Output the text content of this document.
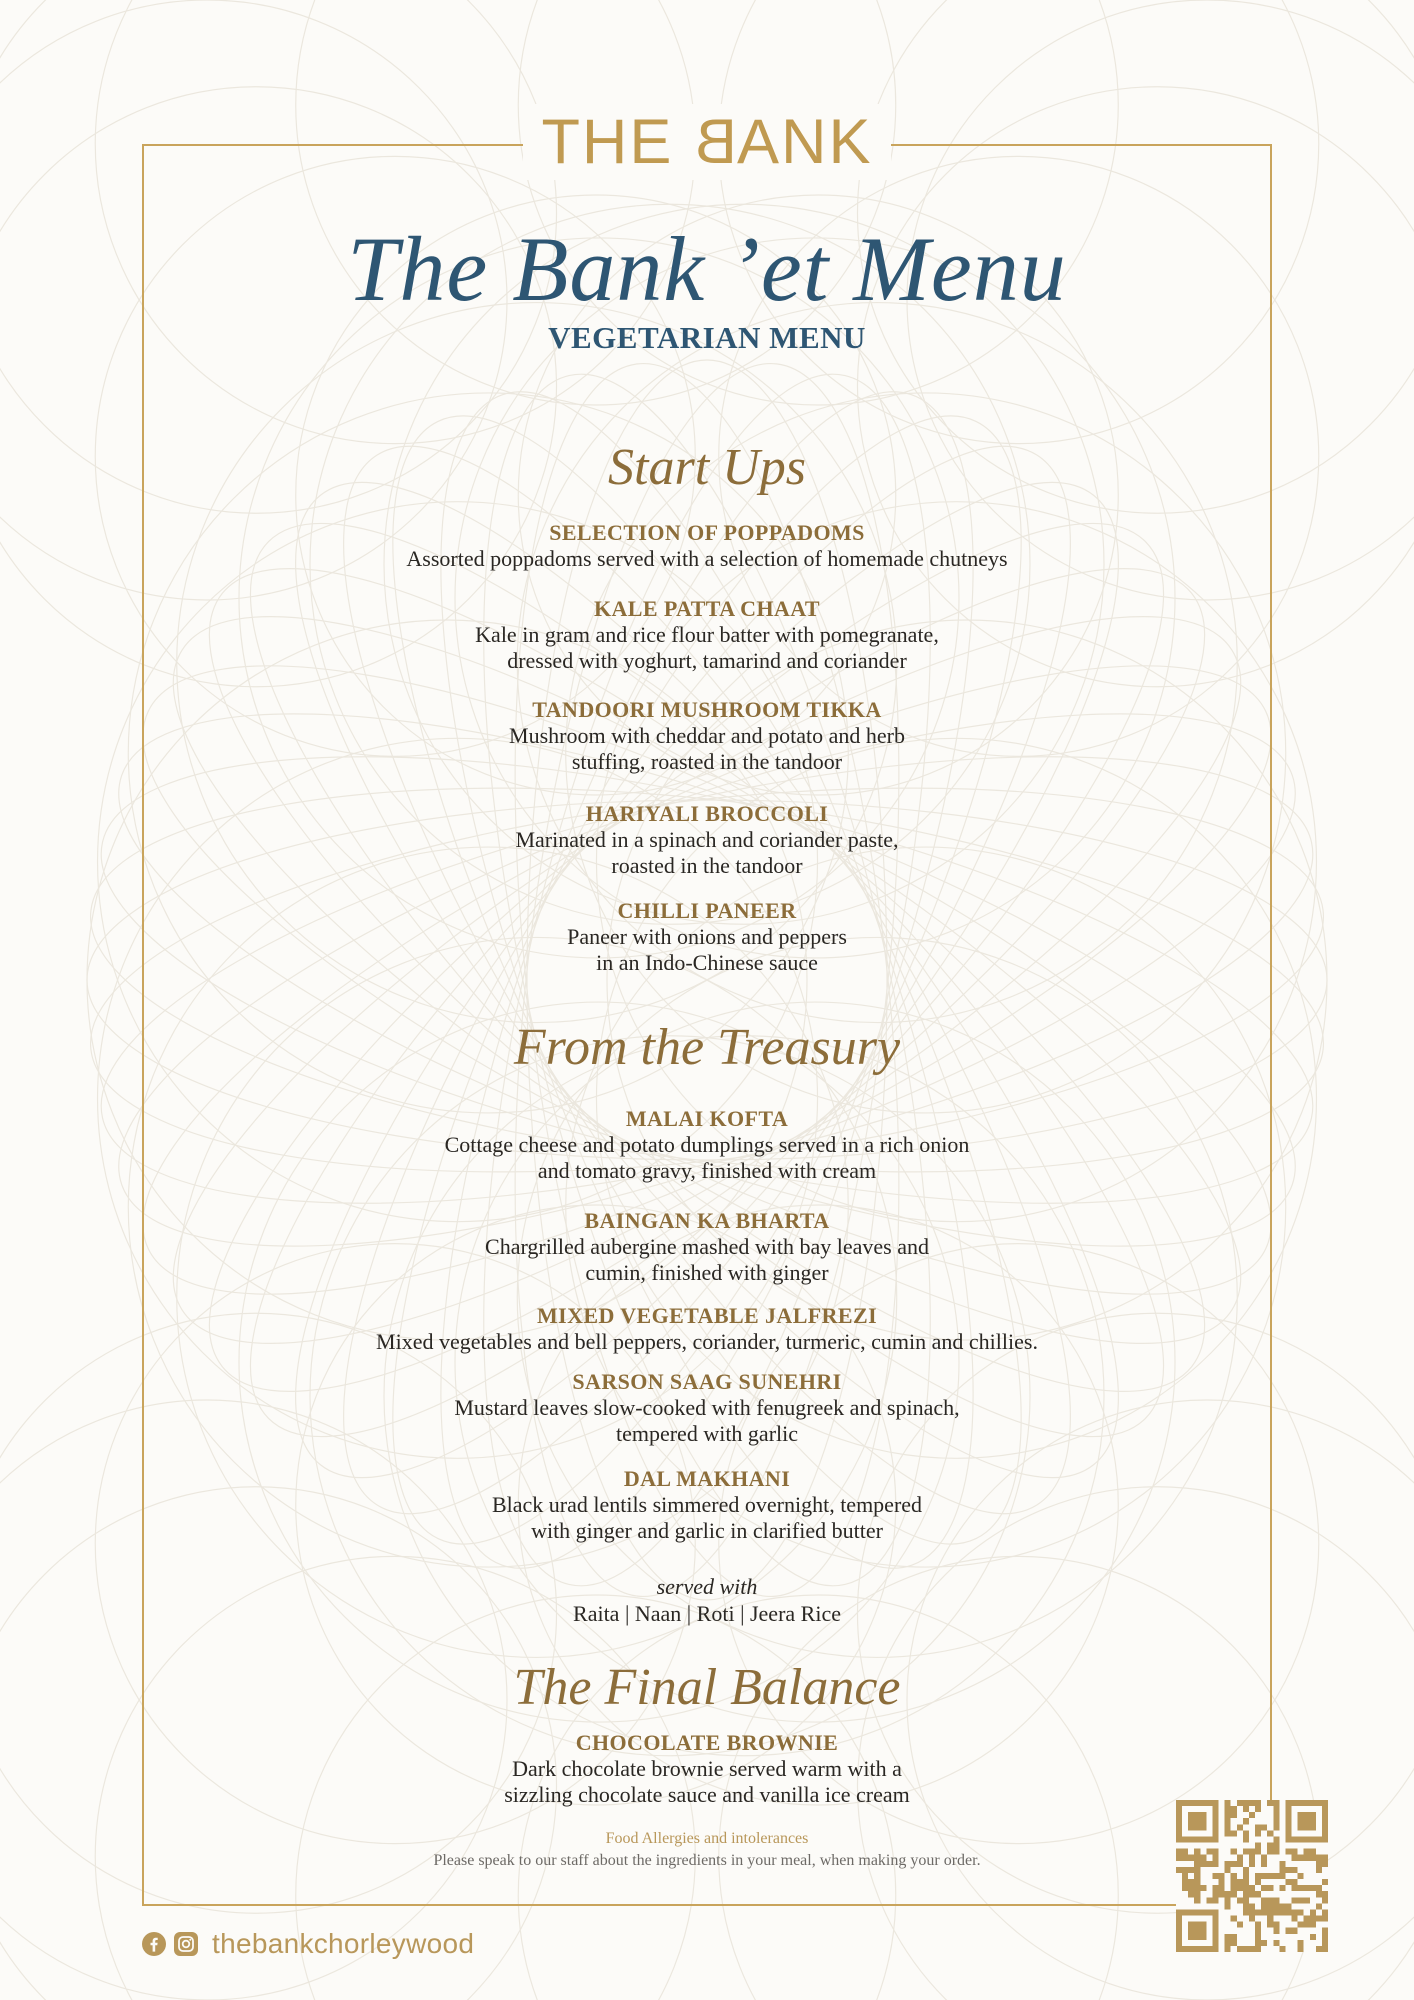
THE BANK
The Bank ’et Menu
VEGETARIAN MENU
Start Ups
SELECTION OF POPPADOMS
Assorted poppadoms served with a selection of homemade chutneys
KALE PATTA CHAAT
Kale in gram and rice flour batter with pomegranate,
dressed with yoghurt, tamarind and coriander
TANDOORI MUSHROOM TIKKA
Mushroom with cheddar and potato and herb
stuffing, roasted in the tandoor
HARIYALI BROCCOLI
Marinated in a spinach and coriander paste,
roasted in the tandoor
CHILLI PANEER
Paneer with onions and peppers
in an Indo-Chinese sauce
From the Treasury
MALAI KOFTA
Cottage cheese and potato dumplings served in a rich onion
and tomato gravy, finished with cream
BAINGAN KA BHARTA
Chargrilled aubergine mashed with bay leaves and
cumin, finished with ginger
MIXED VEGETABLE JALFREZI
Mixed vegetables and bell peppers, coriander, turmeric, cumin and chillies.
SARSON SAAG SUNEHRI
Mustard leaves slow-cooked with fenugreek and spinach,
tempered with garlic
DAL MAKHANI
Black urad lentils simmered overnight, tempered
with ginger and garlic in clarified butter
served with
Raita | Naan | Roti | Jeera Rice
The Final Balance
CHOCOLATE BROWNIE
Dark chocolate brownie served warm with a
sizzling chocolate sauce and vanilla ice cream
Food Allergies and intolerances
Please speak to our staff about the ingredients in your meal, when making your order.
thebankchorleywood
